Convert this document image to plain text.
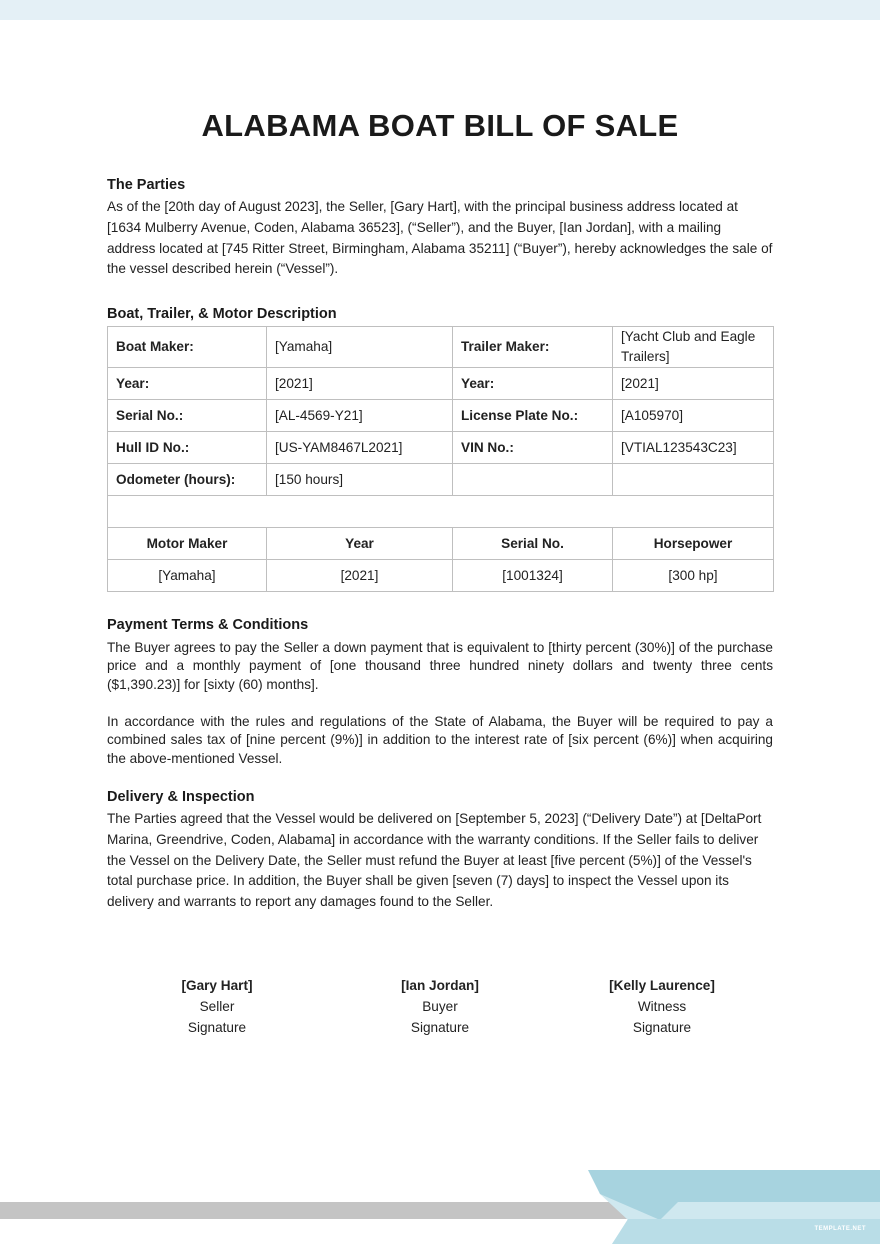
ALABAMA BOAT BILL OF SALE
The Parties

As of the [20th day of August 2023], the Seller, [Gary Hart], with the principal business address located at [1634 Mulberry Avenue, Coden, Alabama 36523], (“Seller”), and the Buyer, [Ian Jordan], with a mailing address located at [745 Ritter Street, Birmingham, Alabama 35211] (“Buyer”), hereby acknowledges the sale of the vessel described herein (“Vessel”).

Boat, Trailer, & Motor Description
Boat Maker:	[Yamaha]	Trailer Maker:	[Yacht Club and Eagle Trailers]
Year:	[2021]	Year:	[2021]
Serial No.:	[AL-4569-Y21]	License Plate No.:	[A105970]
Hull ID No.:	[US-YAM8467L2021]	VIN No.:	[VTIAL123543C23]
Odometer (hours):	[150 hours]		

Motor Maker	Year	Serial No.	Horsepower
[Yamaha]	[2021]	[1001324]	[300 hp]
Payment Terms & Conditions

The Buyer agrees to pay the Seller a down payment that is equivalent to [thirty percent (30%)] of the purchase price and a monthly payment of [one thousand three hundred ninety dollars and twenty three cents ($1,390.23)] for [sixty (60) months].

In accordance with the rules and regulations of the State of Alabama, the Buyer will be required to pay a combined sales tax of [nine percent (9%)] in addition to the interest rate of [six percent (6%)] when acquiring the above-mentioned Vessel.

Delivery & Inspection

The Parties agreed that the Vessel would be delivered on [September 5, 2023] (“Delivery Date”) at [DeltaPort Marina, Greendrive, Coden, Alabama] in accordance with the warranty conditions. If the Seller fails to deliver the Vessel on the Delivery Date, the Seller must refund the Buyer at least [five percent (5%)] of the Vessel's total purchase price. In addition, the Buyer shall be given [seven (7) days] to inspect the Vessel upon its delivery and warrants to report any damages found to the Seller.

[Gary Hart]
Seller
Signature
[Ian Jordan]
Buyer
Signature
[Kelly Laurence]
Witness
Signature
TEMPLATE.NET
